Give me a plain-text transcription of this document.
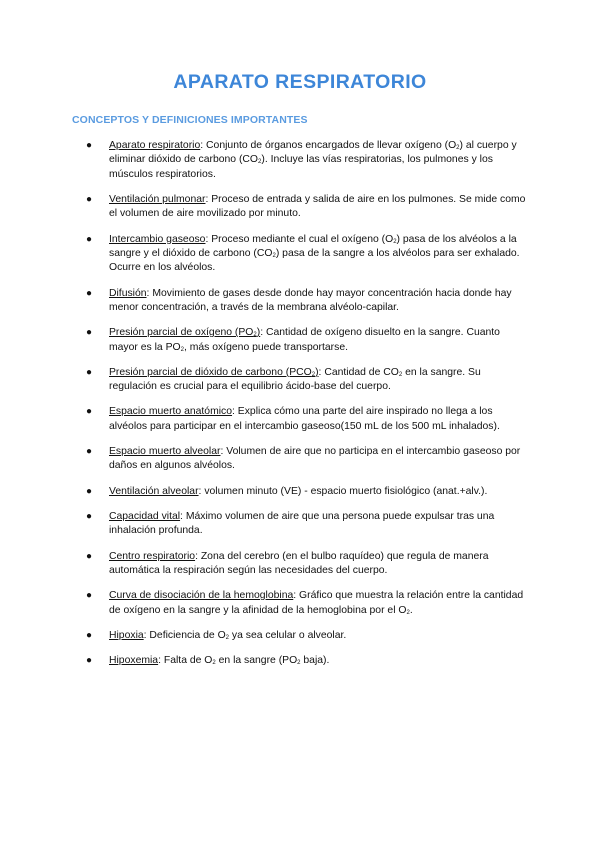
APARATO RESPIRATORIO
CONCEPTOS Y DEFINICIONES IMPORTANTES
● Aparato respiratorio: Conjunto de órganos encargados de llevar oxígeno $(O_2)$ al cuerpo y eliminar dióxido de carbono $(CO_2)$. Incluye las vías respiratorias, los pulmones y los músculos respiratorios.
● Ventilación pulmonar: Proceso de entrada y salida de aire en los pulmones. Se mide como el volumen de aire movilizado por minuto.
● Intercambio gaseoso: Proceso mediante el cual el oxígeno $(O_2)$ pasa de los alvéolos a la sangre y el dióxido de carbono $(CO_2)$ pasa de la sangre a los alvéolos para ser exhalado. Ocurre en los alvéolos.
● Difusión: Movimiento de gases desde donde hay mayor concentración hacia donde hay menor concentración, a través de la membrana alvéolo-capilar.
● Presión parcial de oxígeno $(PO_2)$: Cantidad de oxígeno disuelto en la sangre. Cuanto mayor es la $PO_2$, más oxígeno puede transportarse.
● Presión parcial de dióxido de carbono $(PCO_2)$: Cantidad de $CO_2$ en la sangre. Su regulación es crucial para el equilibrio ácido-base del cuerpo.
● Espacio muerto anatómico: Explica cómo una parte del aire inspirado no llega a los alvéolos para participar en el intercambio gaseoso(150 mL de los 500 mL inhalados).
● Espacio muerto alveolar: Volumen de aire que no participa en el intercambio gaseoso por daños en algunos alvéolos.
● Ventilación alveolar: volumen minuto (VE) - espacio muerto fisiológico (anat.+alv.).
● Capacidad vital: Máximo volumen de aire que una persona puede expulsar tras una inhalación profunda.
● Centro respiratorio: Zona del cerebro (en el bulbo raquídeo) que regula de manera automática la respiración según las necesidades del cuerpo.
● Curva de disociación de la hemoglobina: Gráfico que muestra la relación entre la cantidad de oxígeno en la sangre y la afinidad de la hemoglobina por el $O_2$.
● Hipoxia: Deficiencia de $O_2$ ya sea celular o alveolar.
● Hipoxemia: Falta de $O_2$ en la sangre ($PO_2$ baja).
